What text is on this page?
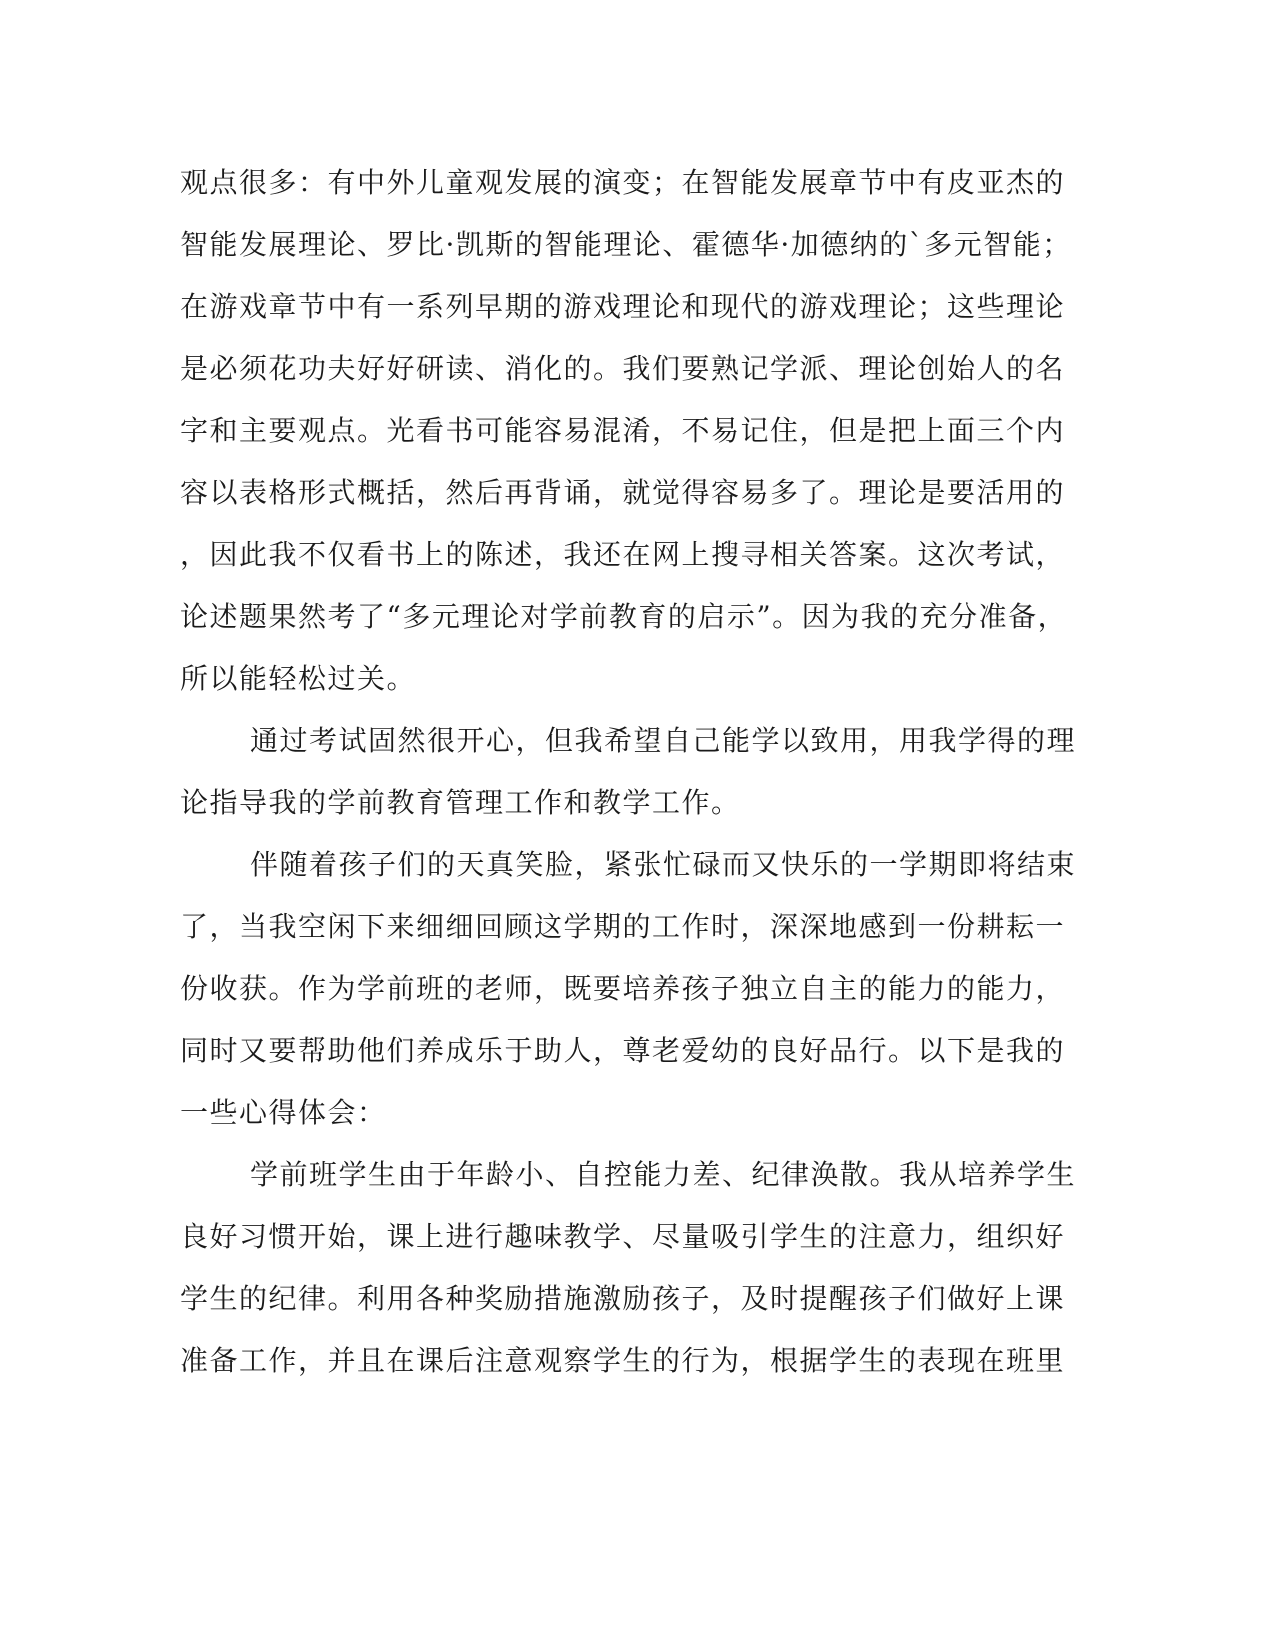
观点很多：有中外儿童观发展的演变；在智能发展章节中有皮亚杰的
智能发展理论、罗比·凯斯的智能理论、霍德华·加德纳的`多元智能；
在游戏章节中有一系列早期的游戏理论和现代的游戏理论；这些理论
是必须花功夫好好研读、消化的。我们要熟记学派、理论创始人的名
字和主要观点。光看书可能容易混淆，不易记住，但是把上面三个内
容以表格形式概括，然后再背诵，就觉得容易多了。理论是要活用的
，因此我不仅看书上的陈述，我还在网上搜寻相关答案。这次考试，
论述题果然考了“多元理论对学前教育的启示”。因为我的充分准备，
所以能轻松过关。
通过考试固然很开心，但我希望自己能学以致用，用我学得的理
论指导我的学前教育管理工作和教学工作。
伴随着孩子们的天真笑脸，紧张忙碌而又快乐的一学期即将结束
了，当我空闲下来细细回顾这学期的工作时，深深地感到一份耕耘一
份收获。作为学前班的老师，既要培养孩子独立自主的能力的能力，
同时又要帮助他们养成乐于助人，尊老爱幼的良好品行。以下是我的
一些心得体会：
学前班学生由于年龄小、自控能力差、纪律涣散。我从培养学生
良好习惯开始，课上进行趣味教学、尽量吸引学生的注意力，组织好
学生的纪律。利用各种奖励措施激励孩子，及时提醒孩子们做好上课
准备工作，并且在课后注意观察学生的行为，根据学生的表现在班里
